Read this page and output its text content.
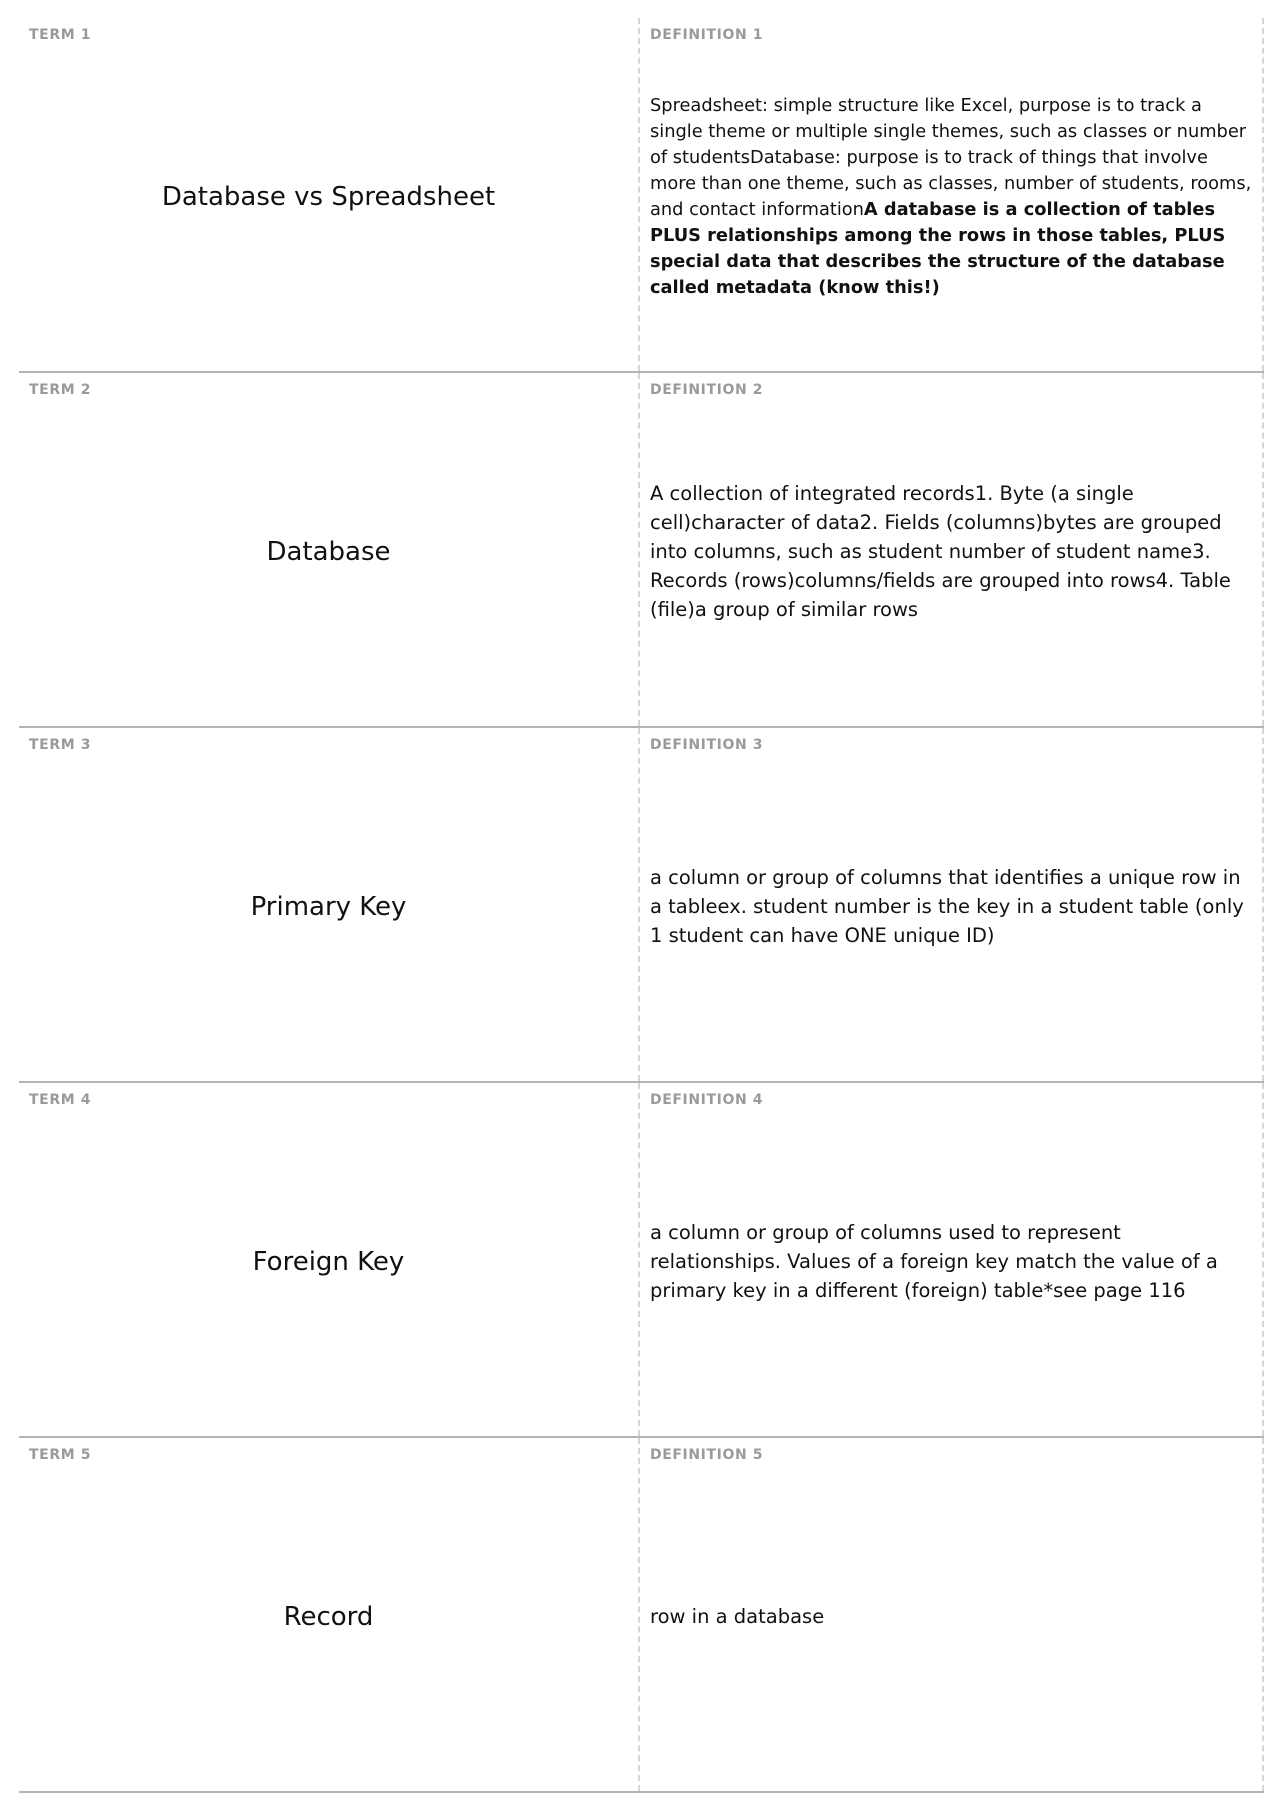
TERM 1
Database vs Spreadsheet
DEFINITION 1
Spreadsheet: simple structure like Excel, purpose is to track a single theme or multiple single themes, such as classes or number of studentsDatabase: purpose is to track of things that involve more than one theme, such as classes, number of students, rooms, and contact informationA database is a collection of tables PLUS relationships among the rows in those tables, PLUS special data that describes the structure of the database called metadata (know this!)
TERM 2
Database
DEFINITION 2
A collection of integrated records1. Byte (a single cell)character of data2. Fields (columns)bytes are grouped into columns, such as student number of student name3. Records (rows)columns/fields are grouped into rows4. Table (file)a group of similar rows
TERM 3
Primary Key
DEFINITION 3
a column or group of columns that identifies a unique row in a tableex. student number is the key in a student table (only 1 student can have ONE unique ID)
TERM 4
Foreign Key
DEFINITION 4
a column or group of columns used to represent relationships. Values of a foreign key match the value of a primary key in a different (foreign) table*see page 116
TERM 5
Record
DEFINITION 5
row in a database
